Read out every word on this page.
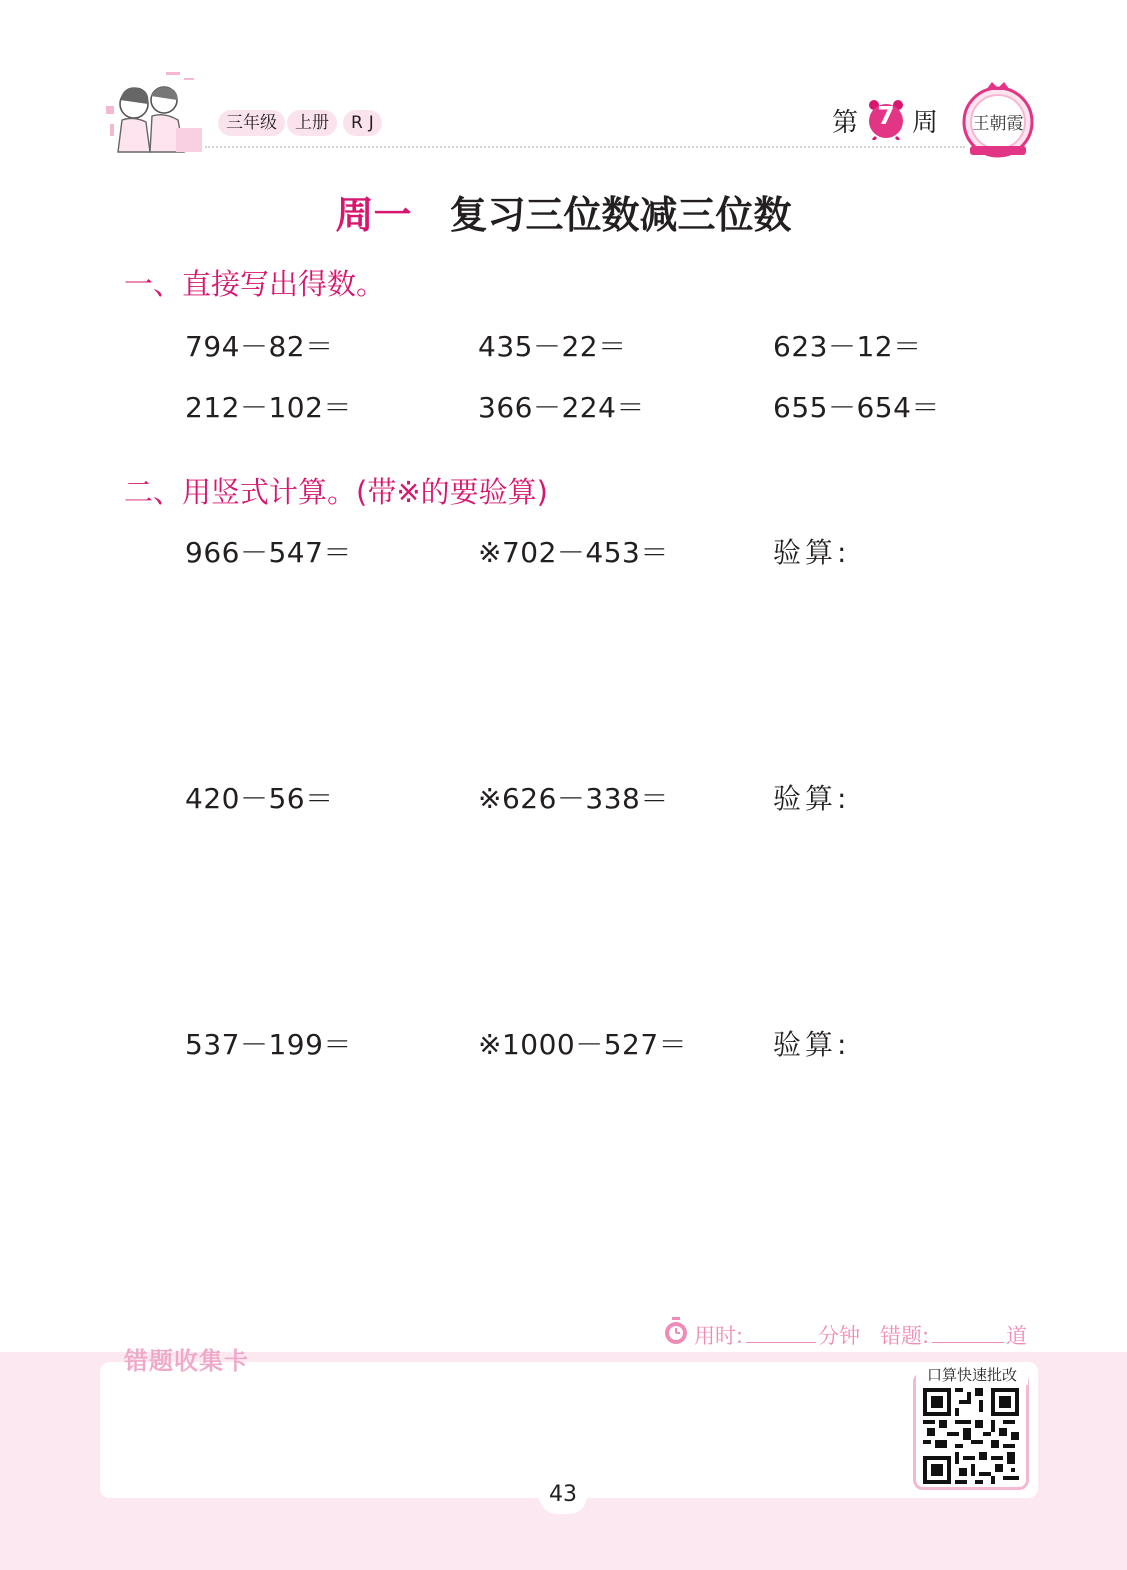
三年级	上册	RJ	第 7 周 王朝霞
周一　 复习三位数减三位数
一、直接写出得数。
794－82＝	435－22＝	623－12＝
212－102＝	366－224＝	655－654＝
二、用竖式计算。(带※的要验算)
966－547＝	※702－453＝	验算:
420－56＝	※626－338＝	验算:
537－199＝	※1000－527＝	验算:
错题收集卡
用时:	分钟 错题:	道
口算快速批改
43
